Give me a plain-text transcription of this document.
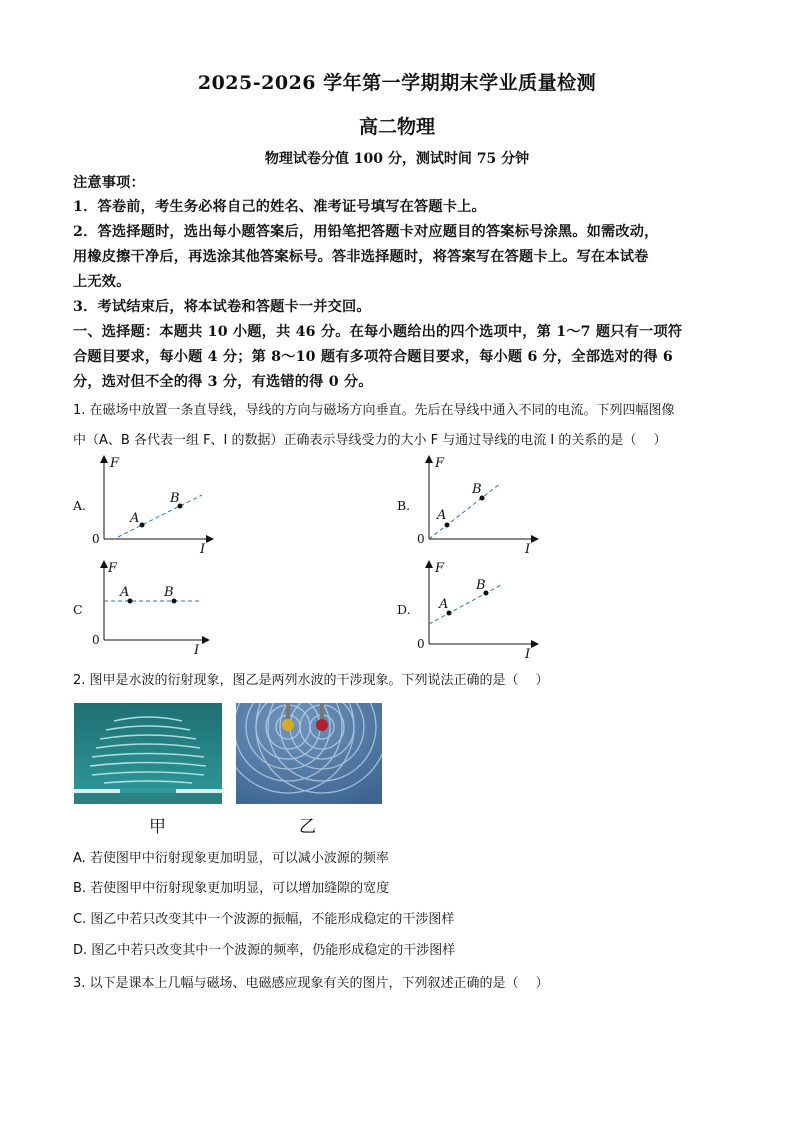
2025-2026 学年第一学期期末学业质量检测
高二物理
物理试卷分值 100 分，测试时间 75 分钟
注意事项：
1．答卷前，考生务必将自己的姓名、准考证号填写在答题卡上。
2．答选择题时，选出每小题答案后，用铅笔把答题卡对应题目的答案标号涂黑。如需改动，
用橡皮擦干净后，再选涂其他答案标号。答非选择题时，将答案写在答题卡上。写在本试卷
上无效。
3．考试结束后，将本试卷和答题卡一并交回。
一、选择题：本题共 10 小题，共 46 分。在每小题给出的四个选项中，第 1～7 题只有一项符
合题目要求，每小题 4 分；第 8～10 题有多项符合题目要求，每小题 6 分，全部选对的得 6
分，选对但不全的得 3 分，有选错的得 0 分。
1. 在磁场中放置一条直导线，导线的方向与磁场方向垂直。先后在导线中通入不同的电流。下列四幅图像
中（A、B 各代表一组 F、I 的数据）正确表示导线受力的大小 F 与通过导线的电流 I 的关系的是（　 ）
A.	B.
C	D.
A
B
F
I
0
A
B
F
I
0
A	B
F
I
0
A
B
F
I
0
2. 图甲是水波的衍射现象，图乙是两列水波的干涉现象。下列说法正确的是（　 ）
甲	乙
A. 若使图甲中衍射现象更加明显，可以减小波源的频率
B. 若使图甲中衍射现象更加明显，可以增加缝隙的宽度
C. 图乙中若只改变其中一个波源的振幅，不能形成稳定的干涉图样
D. 图乙中若只改变其中一个波源的频率，仍能形成稳定的干涉图样
3. 以下是课本上几幅与磁场、电磁感应现象有关的图片，下列叙述正确的是（　 ）
